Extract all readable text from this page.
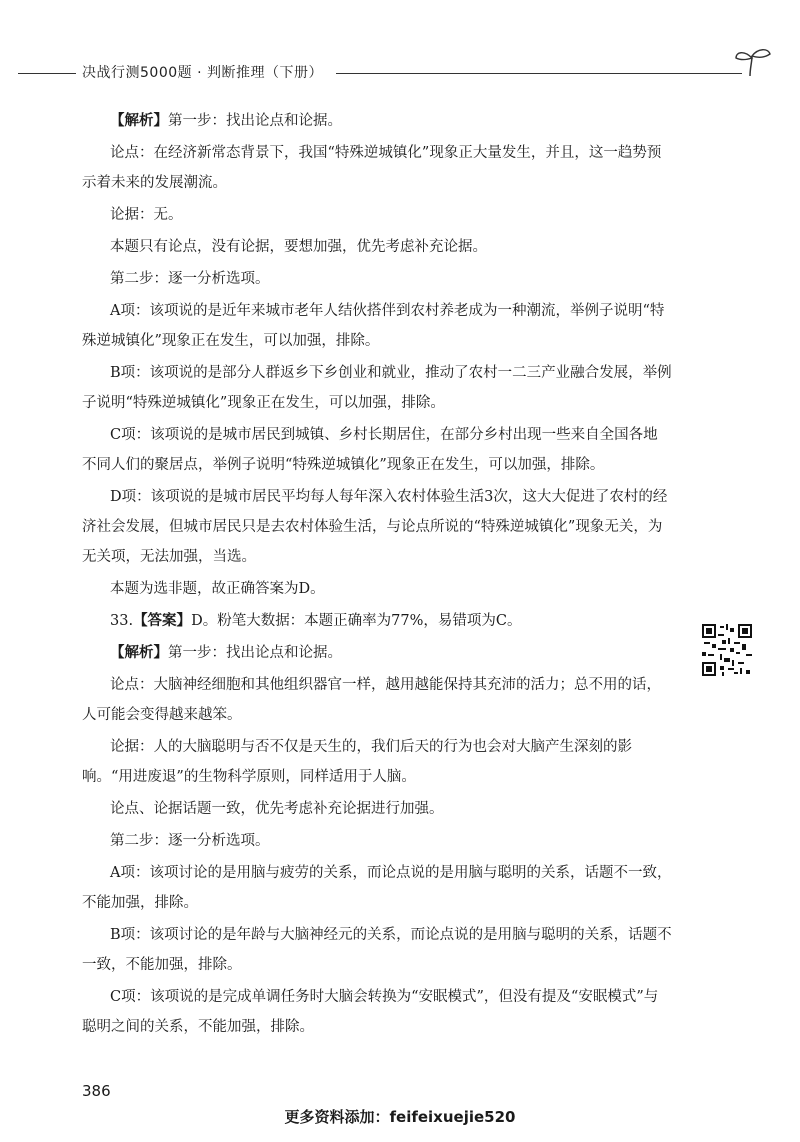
决战行测5000题 · 判断推理（下册）

【解析】第一步：找出论点和论据。

论点：在经济新常态背景下，我国“特殊逆城镇化”现象正大量发生，并且，这一趋势预示着未来的发展潮流。

论据：无。

本题只有论点，没有论据，要想加强，优先考虑补充论据。

第二步：逐一分析选项。

A项：该项说的是近年来城市老年人结伙搭伴到农村养老成为一种潮流，举例子说明“特殊逆城镇化”现象正在发生，可以加强，排除。

B项：该项说的是部分人群返乡下乡创业和就业，推动了农村一二三产业融合发展，举例子说明“特殊逆城镇化”现象正在发生，可以加强，排除。

C项：该项说的是城市居民到城镇、乡村长期居住，在部分乡村出现一些来自全国各地不同人们的聚居点，举例子说明“特殊逆城镇化”现象正在发生，可以加强，排除。

D项：该项说的是城市居民平均每人每年深入农村体验生活3次，这大大促进了农村的经济社会发展，但城市居民只是去农村体验生活，与论点所说的“特殊逆城镇化”现象无关，为无关项，无法加强，当选。

本题为选非题，故正确答案为D。

33.【答案】D。粉笔大数据：本题正确率为77%，易错项为C。

【解析】第一步：找出论点和论据。

论点：大脑神经细胞和其他组织器官一样，越用越能保持其充沛的活力；总不用的话，人可能会变得越来越笨。

论据：人的大脑聪明与否不仅是天生的，我们后天的行为也会对大脑产生深刻的影响。“用进废退”的生物科学原则，同样适用于人脑。

论点、论据话题一致，优先考虑补充论据进行加强。

第二步：逐一分析选项。

A项：该项讨论的是用脑与疲劳的关系，而论点说的是用脑与聪明的关系，话题不一致，不能加强，排除。

B项：该项讨论的是年龄与大脑神经元的关系，而论点说的是用脑与聪明的关系，话题不一致，不能加强，排除。

C项：该项说的是完成单调任务时大脑会转换为“安眠模式”，但没有提及“安眠模式”与聪明之间的关系，不能加强，排除。

386
更多资料添加：feifeixuejie520
